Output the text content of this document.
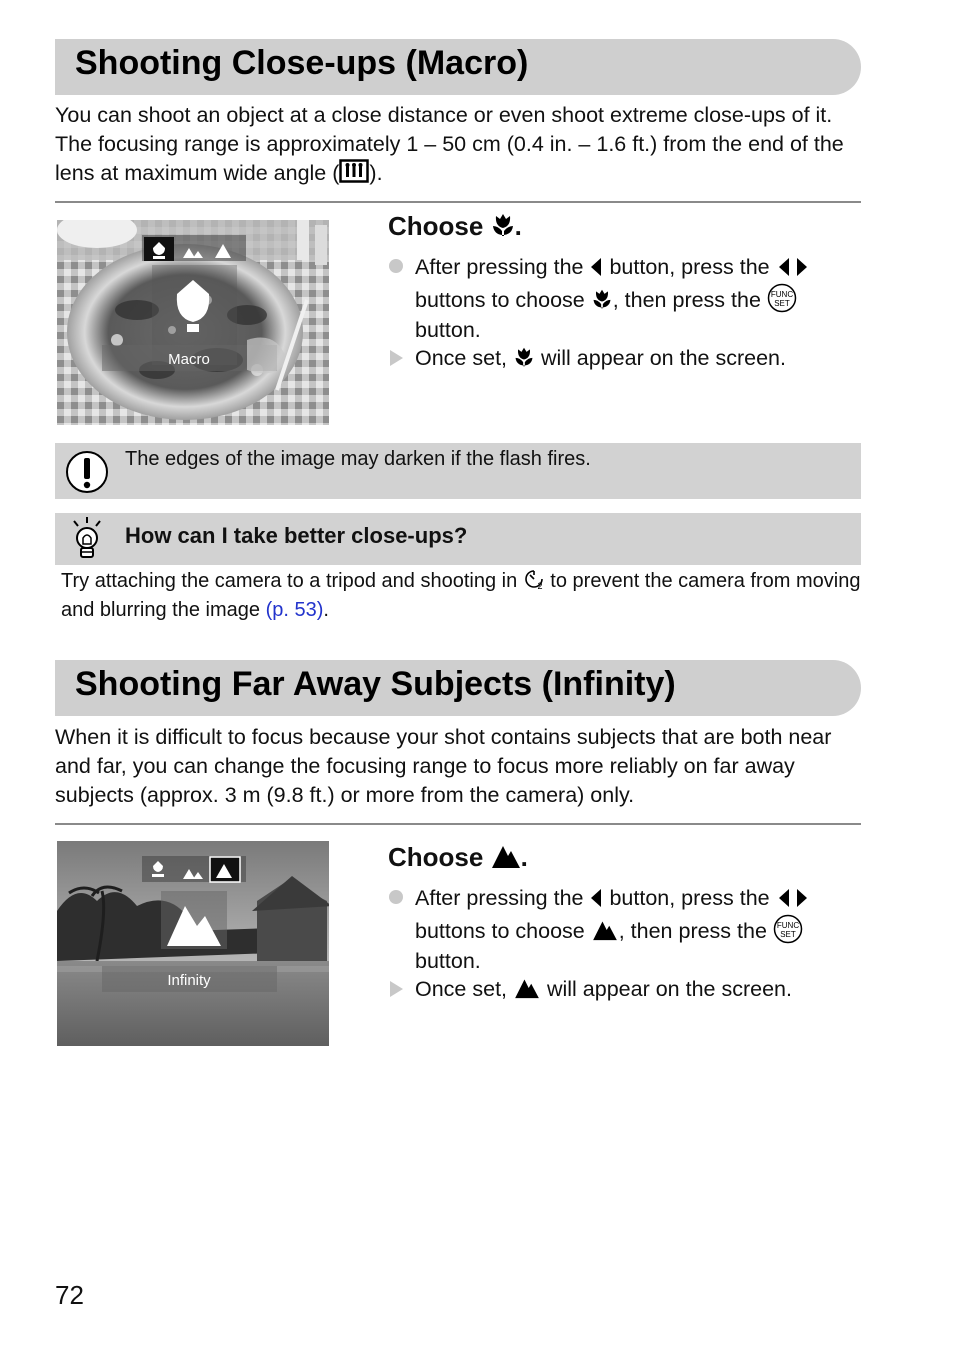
Shooting Close-ups (Macro)
You can shoot an object at a close distance or even shoot extreme close-ups of it. The focusing range is approximately 1 – 50 cm (0.4 in. – 1.6 ft.) from the end of the lens at maximum wide angle ( ).
Macro
Choose .
After pressing the  button, press the  buttons to choose , then press the FUNC
SET
button.
Once set,  will appear on the screen.
The edges of the image may darken if the flash fires.
How can I take better close-ups?
Try attaching the camera to a tripod and shooting in 2 to prevent the camera from moving and blurring the image (p. 53).
Shooting Far Away Subjects (Infinity)
When it is difficult to focus because your shot contains subjects that are both near and far, you can change the focusing range to focus more reliably on far away subjects (approx. 3 m (9.8 ft.) or more from the camera) only.
Infinity
Choose .
After pressing the  button, press the  buttons to choose , then press the FUNC
SET
button.
Once set,  will appear on the screen.
72
